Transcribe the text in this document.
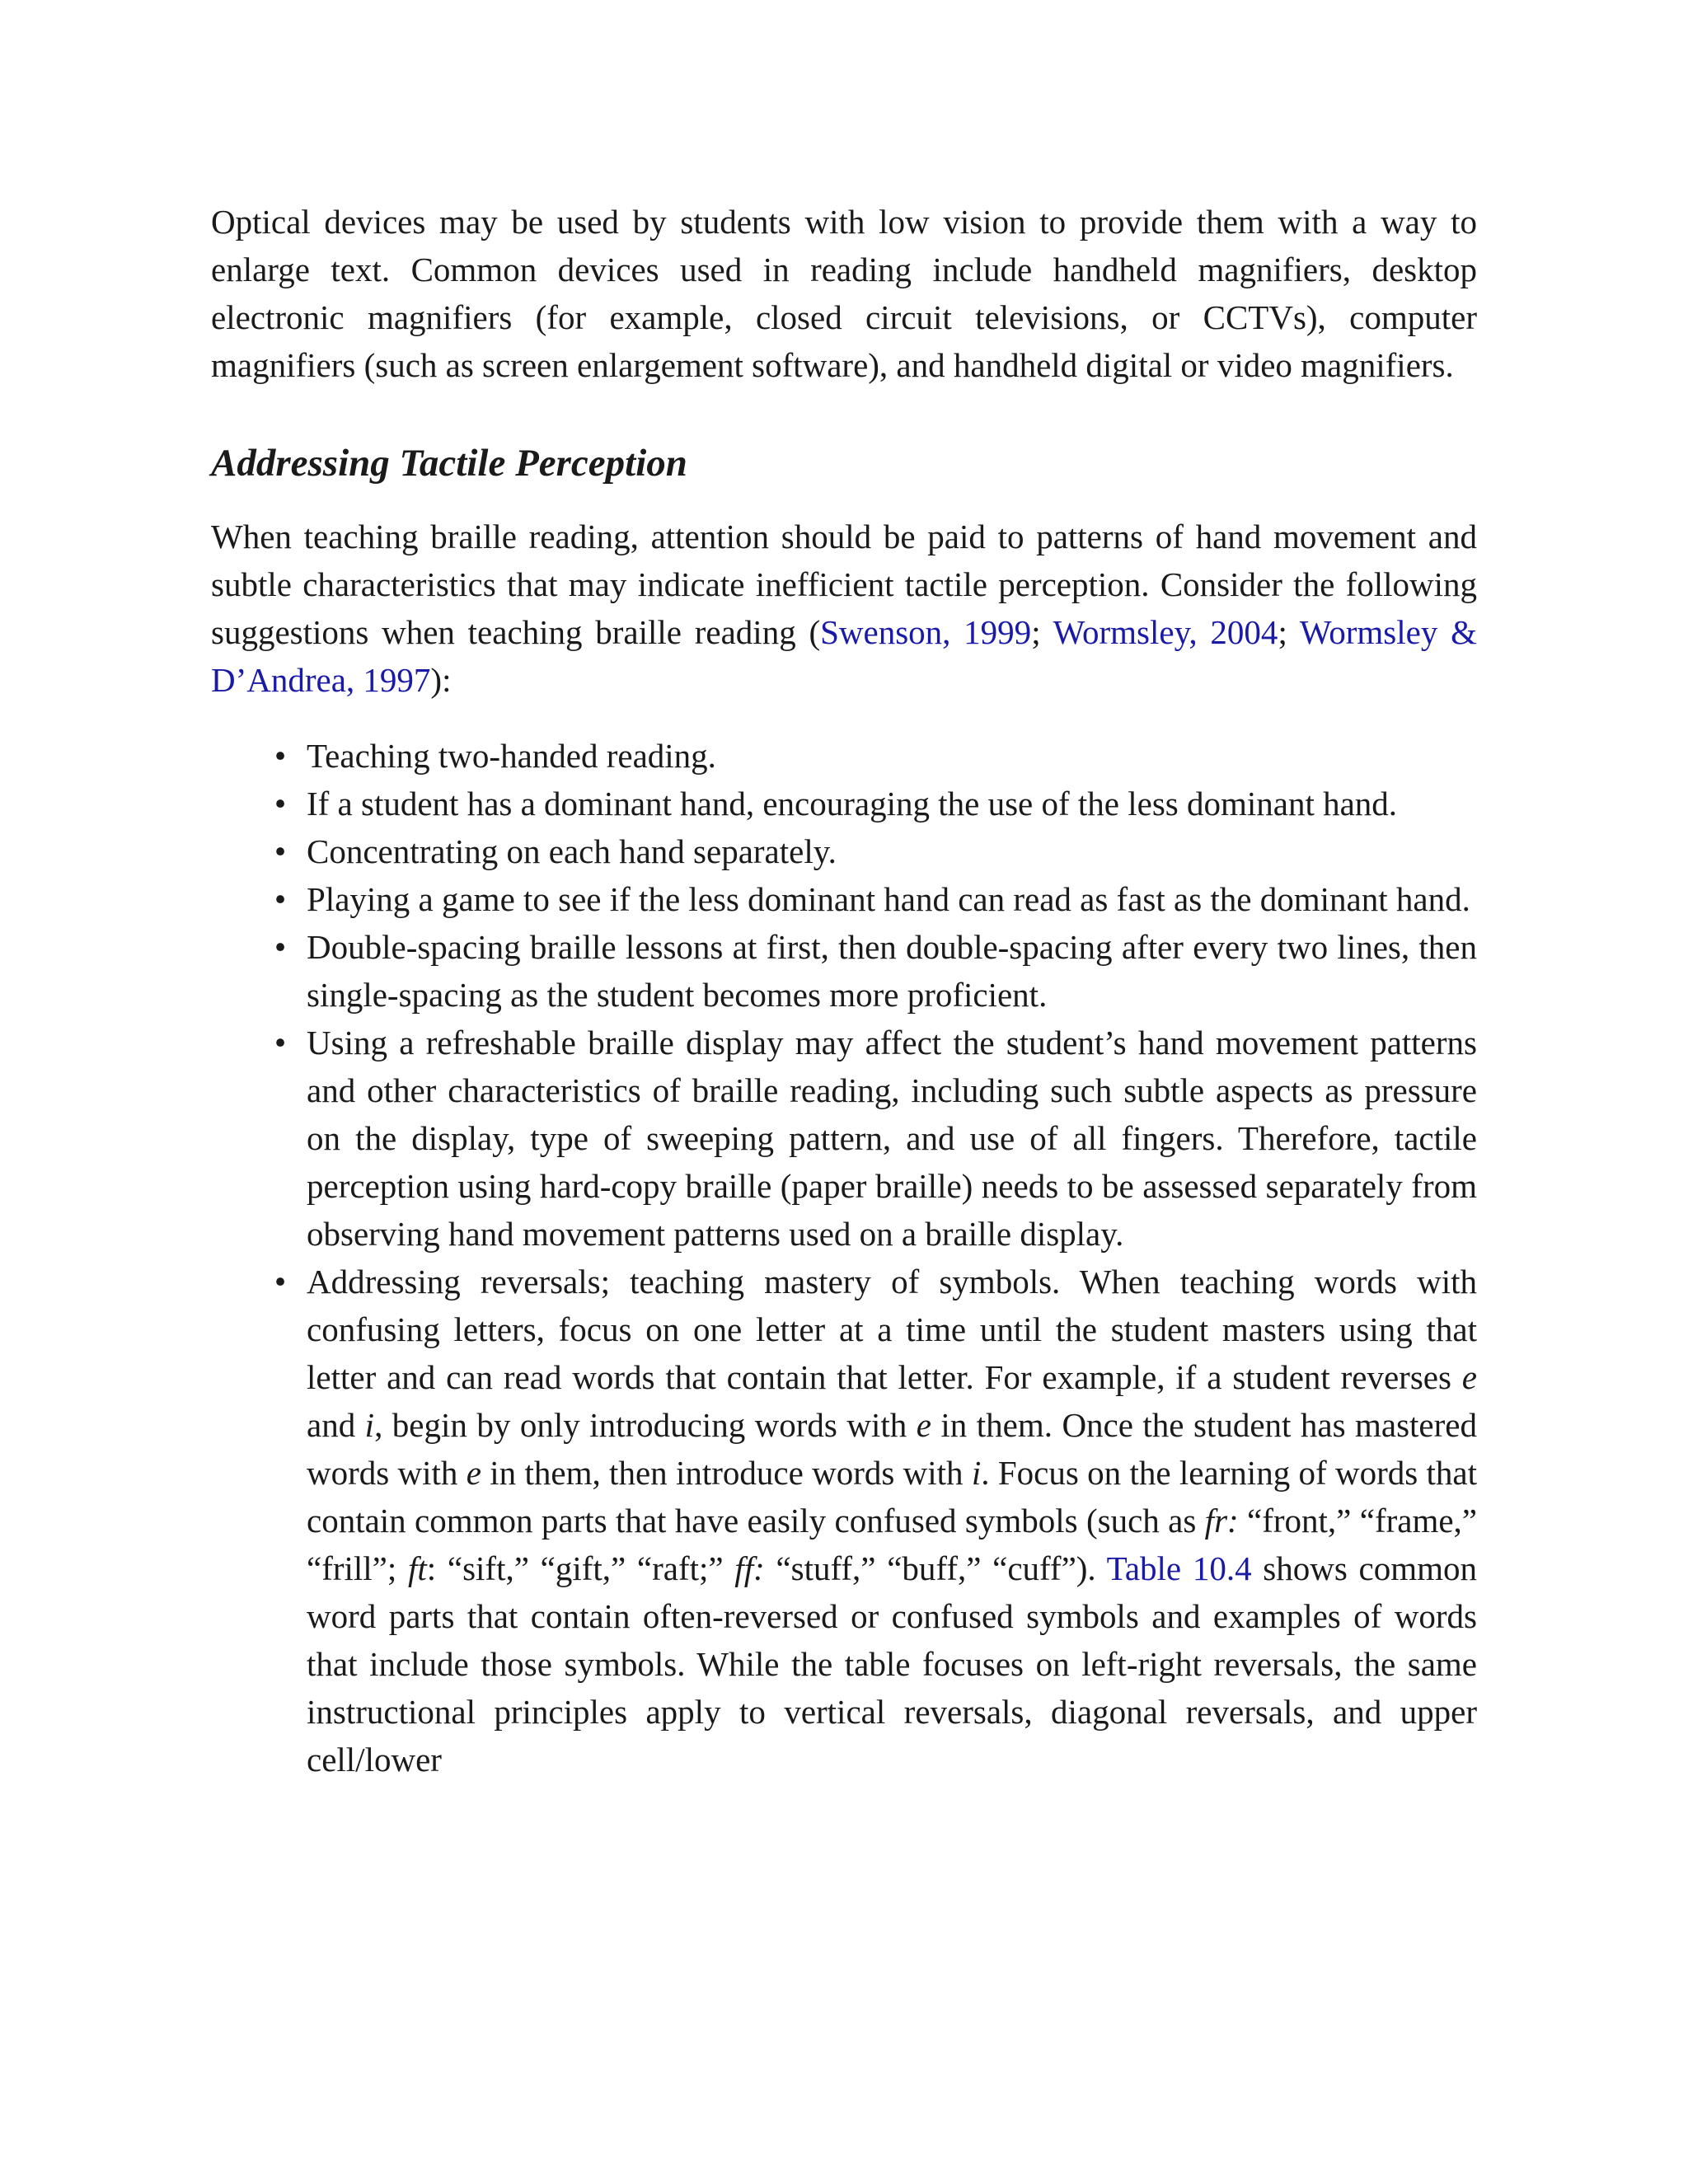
Optical devices may be used by students with low vision to provide them with a way to enlarge text. Common devices used in reading include handheld magnifiers, desktop electronic magnifiers (for example, closed circuit televisions, or CCTVs), computer magnifiers (such as screen enlargement software), and handheld digital or video magnifiers.

Addressing Tactile Perception

When teaching braille reading, attention should be paid to patterns of hand movement and subtle characteristics that may indicate inefficient tactile perception. Consider the following suggestions when teaching braille reading (Swenson, 1999; Wormsley, 2004; Wormsley & D’Andrea, 1997):

• Teaching two-handed reading.
• If a student has a dominant hand, encouraging the use of the less dominant hand.
• Concentrating on each hand separately.
• Playing a game to see if the less dominant hand can read as fast as the dominant hand.
• Double-spacing braille lessons at first, then double-spacing after every two lines, then single-spacing as the student becomes more proficient.
• Using a refreshable braille display may affect the student’s hand movement patterns and other characteristics of braille reading, including such subtle aspects as pressure on the display, type of sweeping pattern, and use of all fingers. Therefore, tactile perception using hard-copy braille (paper braille) needs to be assessed separately from observing hand movement patterns used on a braille display.
• Addressing reversals; teaching mastery of symbols. When teaching words with confusing letters, focus on one letter at a time until the student masters using that letter and can read words that contain that letter. For example, if a student reverses e and i, begin by only introducing words with e in them. Once the student has mastered words with e in them, then introduce words with i. Focus on the learning of words that contain common parts that have easily confused symbols (such as fr: “front,” “frame,” “frill”; ft: “sift,” “gift,” “raft;” ff: “stuff,” “buff,” “cuff”). Table 10.4 shows common word parts that contain often-reversed or confused symbols and examples of words that include those symbols. While the table focuses on left-right reversals, the same instructional principles apply to vertical reversals, diagonal reversals, and upper cell/lower
